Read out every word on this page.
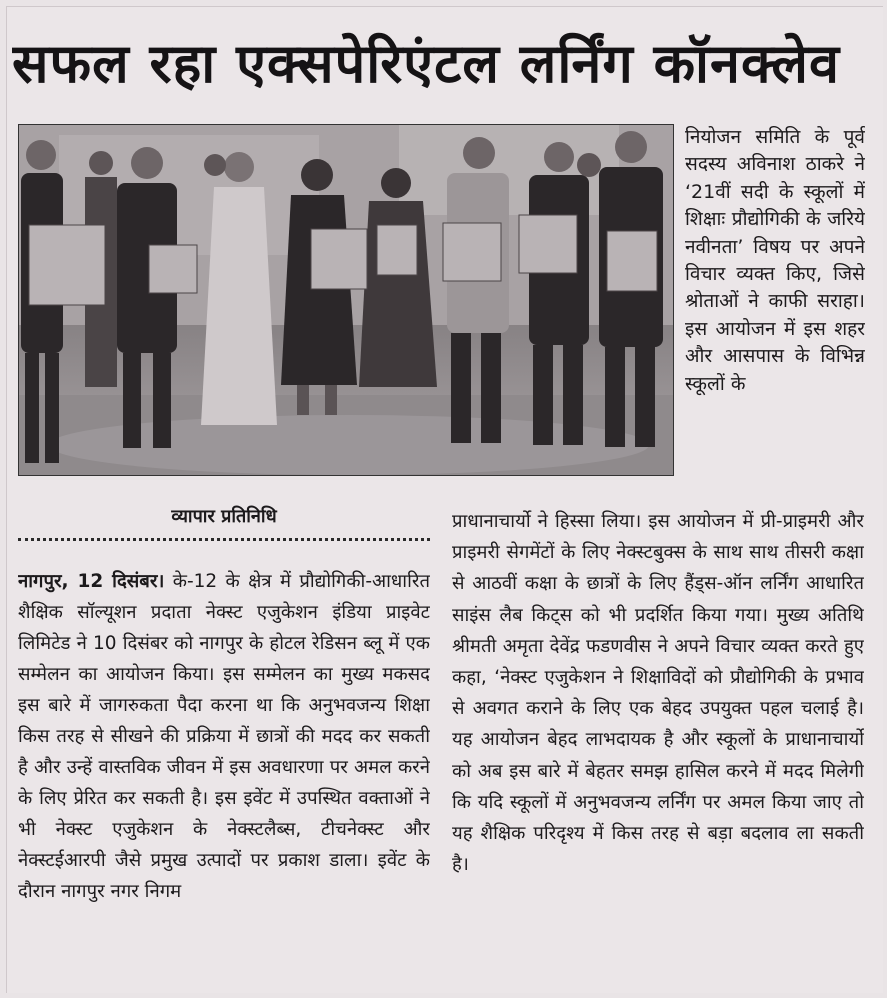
सफल रहा एक्सपेरिएंटल लर्निंग कॉनक्लेव

नियोजन समिति के पूर्व सदस्य अविनाश ठाकरे ने ‘21वीं सदी के स्कूलों में शिक्षाः प्रौद्योगिकी के जरिये नवीनता’ विषय पर अपने विचार व्यक्त किए, जिसे श्रोताओं ने काफी सराहा। इस आयोजन में इस शहर और आसपास के विभिन्न स्कूलों के

व्यापार प्रतिनिधि

नागपुर, 12 दिसंबर। के-12 के क्षेत्र में प्रौद्योगिकी-आधारित शैक्षिक सॉल्यूशन प्रदाता नेक्स्ट एजुकेशन इंडिया प्राइवेट लिमिटेड ने 10 दिसंबर को नागपुर के होटल रेडिसन ब्लू में एक सम्मेलन का आयोजन किया। इस सम्मेलन का मुख्य मकसद इस बारे में जागरुकता पैदा करना था कि अनुभवजन्य शिक्षा किस तरह से सीखने की प्रक्रिया में छात्रों की मदद कर सकती है और उन्हें वास्तविक जीवन में इस अवधारणा पर अमल करने के लिए प्रेरित कर सकती है। इस इवेंट में उपस्थित वक्ताओं ने भी नेक्स्ट एजुकेशन के नेक्स्टलैब्स, टीचनेक्स्ट और नेक्स्टईआरपी जैसे प्रमुख उत्पादों पर प्रकाश डाला। इवेंट के दौरान नागपुर नगर निगम

प्राधानाचार्यो ने हिस्सा लिया। इस आयोजन में प्री-प्राइमरी और प्राइमरी सेगमेंटों के लिए नेक्स्टबुक्स के साथ साथ तीसरी कक्षा से आठवीं कक्षा के छात्रों के लिए हैंड्स-ऑन लर्निंग आधारित साइंस लैब किट्स को भी प्रदर्शित किया गया। मुख्य अतिथि श्रीमती अमृता देवेंद्र फडणवीस ने अपने विचार व्यक्त करते हुए कहा, ‘नेक्स्ट एजुकेशन ने शिक्षाविदों को प्रौद्योगिकी के प्रभाव से अवगत कराने के लिए एक बेहद उपयुक्त पहल चलाई है। यह आयोजन बेहद लाभदायक है और स्कूलों के प्राधानाचार्यो को अब इस बारे में बेहतर समझ हासिल करने में मदद मिलेगी कि यदि स्कूलों में अनुभवजन्य लर्निंग पर अमल किया जाए तो यह शैक्षिक परिदृश्य में किस तरह से बड़ा बदलाव ला सकती है।
